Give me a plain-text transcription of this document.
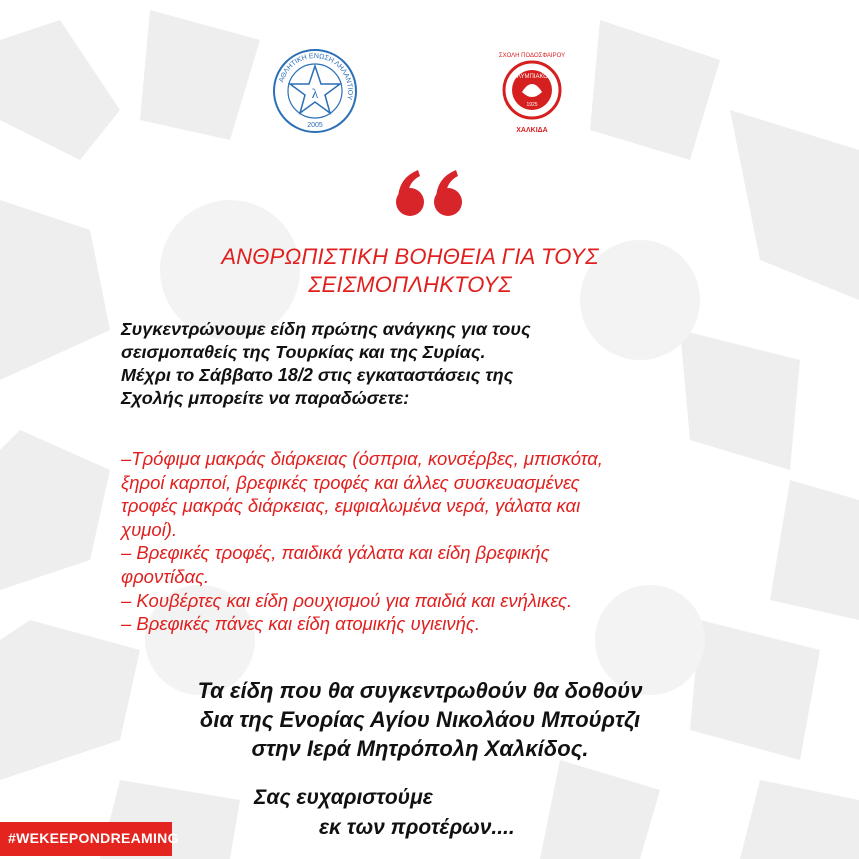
ΑΘΛΗΤΙΚΗ ΕΝΩΣΗ ΛΗΛΑΝΤΙΟΥ
λ
2005
ΣΧΟΛΗ ΠΟΔΟΣΦΑΙΡΟΥ
ΟΛΥΜΠΙΑΚΟΣ
1925
ΧΑΛΚΙΔΑ
ΑΝΘΡΩΠΙΣΤΙΚΗ ΒΟΗΘΕΙΑ ΓΙΑ ΤΟΥΣ
ΣΕΙΣΜΟΠΛΗΚΤΟΥΣ

Συγκεντρώνουμε είδη πρώτης ανάγκης για τους

σεισμοπαθείς της Τουρκίας και της Συρίας.

Μέχρι το Σάββατο 18/2 στις εγκαταστάσεις της

Σχολής μπορείτε να παραδώσετε:

–Τρόφιμα μακράς διάρκειας (όσπρια, κονσέρβες, μπισκότα,

ξηροί καρποί, βρεφικές τροφές και άλλες συσκευασμένες

τροφές μακράς διάρκειας, εμφιαλωμένα νερά, γάλατα και

χυμοί).

– Βρεφικές τροφές, παιδικά γάλατα και είδη βρεφικής

φροντίδας.

– Κουβέρτες και είδη ρουχισμού για παιδιά και ενήλικες.

– Βρεφικές πάνες και είδη ατομικής υγιεινής.

Τα είδη που θα συγκεντρωθούν θα δοθούν

δια της Ενορίας Αγίου Νικολάου Μπούρτζι

στην Ιερά Μητρόπολη Χαλκίδος.

Σας ευχαριστούμε
εκ των προτέρων....
#WEKEEPONDREAMING
